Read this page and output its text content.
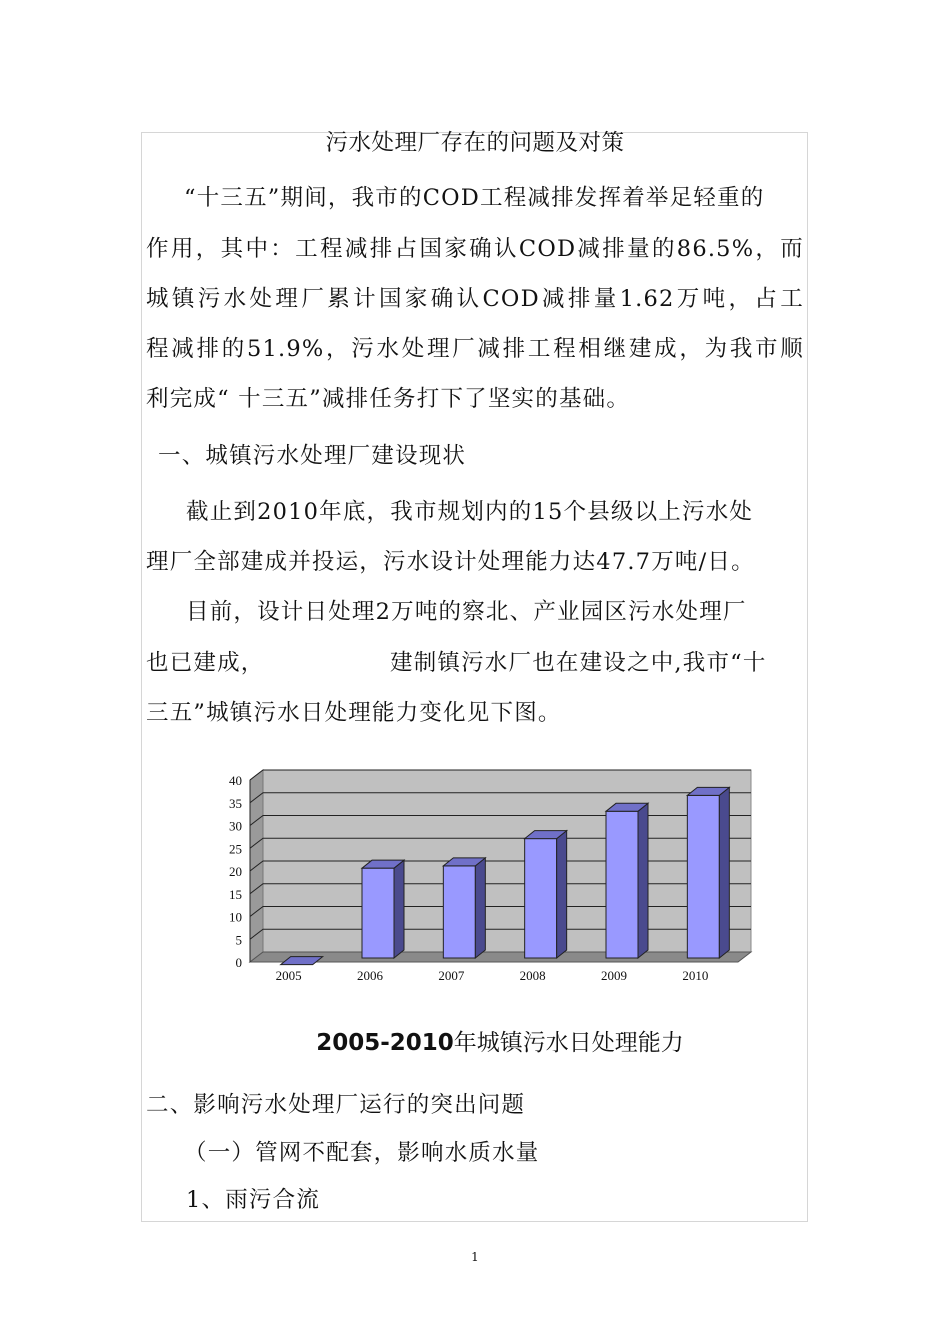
污水处理厂存在的问题及对策
“十三五”期间，我市的COD工程减排发挥着举足轻重的
作用，其中：工程减排占国家确认COD减排量的86.5%，而
城镇污水处理厂累计国家确认COD减排量1.62万吨，占工
程减排的51.9%，污水处理厂减排工程相继建成，为我市顺
利完成“ 十三五”减排任务打下了坚实的基础。
一、城镇污水处理厂建设现状
截止到2010年底，我市规划内的15个县级以上污水处
理厂全部建成并投运，污水设计处理能力达47.7万吨/日。
目前，设计日处理2万吨的察北、产业园区污水处理厂
也已建成，	建制镇污水厂也在建设之中,我市“十
三五”城镇污水日处理能力变化见下图。
0
5
10
15
20
25
30
35
40
2005	2006	2007	2008	2009	2010
2005-2010年城镇污水日处理能力
二、影响污水处理厂运行的突出问题
（一）管网不配套，影响水质水量
1、雨污合流
1
